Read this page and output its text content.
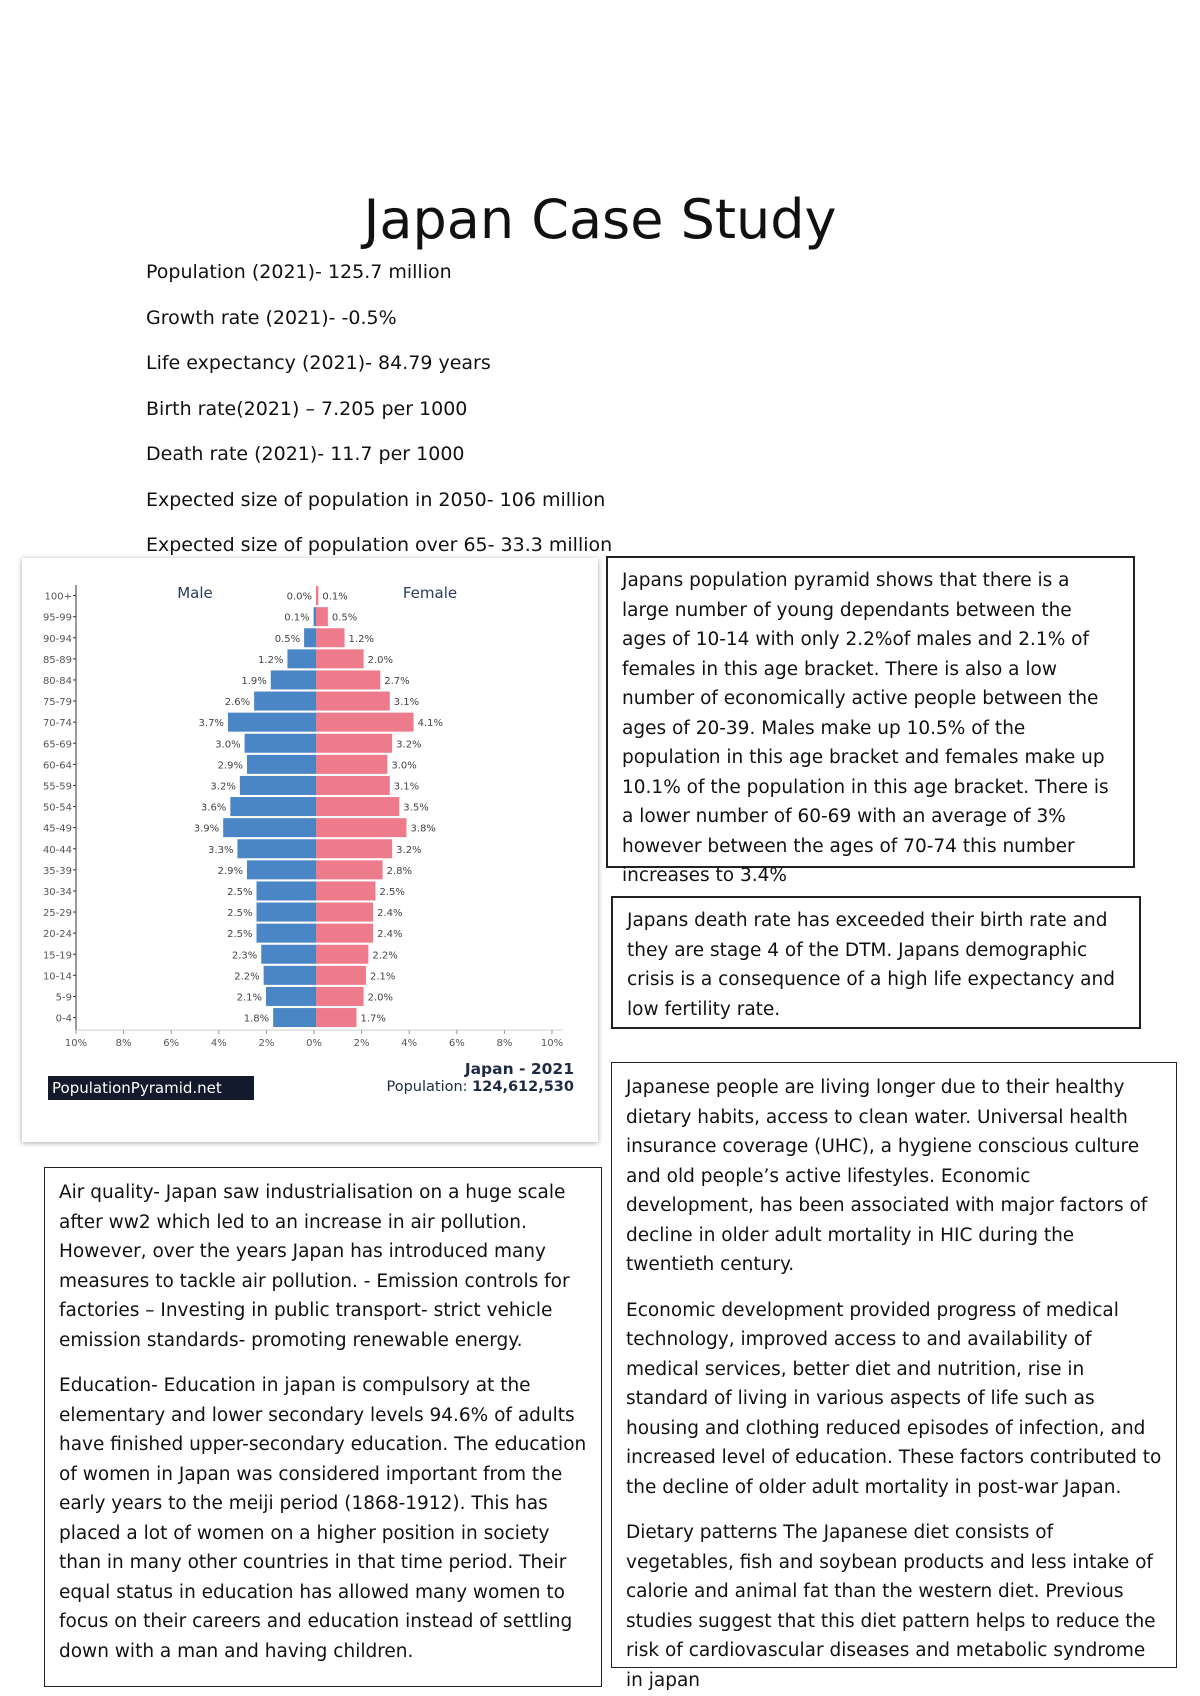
Japan Case Study
Population (2021)- 125.7 million
Growth rate (2021)- -0.5%
Life expectancy (2021)- 84.79 years
Birth rate(2021) – 7.205 per 1000
Death rate (2021)- 11.7 per 1000
Expected size of population in 2050- 106 million
Expected size of population over 65- 33.3 million
Male	Female
100+	0.0% 0.1%
95-99	0.1% 0.5%
90-94	0.5%	1.2%
85-89	1.2%	2.0%
80-84	1.9%	2.7%
75-79	2.6%	3.1%
70-74	3.7%	4.1%
65-69	3.0%	3.2%
60-64	2.9%	3.0%
55-59	3.2%	3.1%
50-54	3.6%	3.5%
45-49	3.9%	3.8%
40-44	3.3%	3.2%
35-39	2.9%	2.8%
30-34	2.5%	2.5%
25-29	2.5%	2.4%
20-24	2.5%	2.4%
15-19	2.3%	2.2%
10-14	2.2%	2.1%
5-9	2.1%	2.0%
0-4	1.8%	1.7%
10%	8%	6%	4%	2%	0%	2%	4%	6%	8%	10%
PopulationPyramid.net
Japan - 2021
Population: 124,612,530

Japans population pyramid shows that there is a large number of young dependants between the ages of 10-14 with only 2.2%of males and 2.1% of females in this age bracket. There is also a low number of economically active people between the ages of 20-39. Males make up 10.5% of the population in this age bracket and females make up 10.1% of the population in this age bracket. There is a lower number of 60-69 with an average of 3% however between the ages of 70-74 this number increases to 3.4%

Japans death rate has exceeded their birth rate and they are stage 4 of the DTM. Japans demographic crisis is a consequence of a high life expectancy and low fertility rate.

Japanese people are living longer due to their healthy dietary habits, access to clean water. Universal health insurance coverage (UHC), a hygiene conscious culture and old people’s active lifestyles. Economic development, has been associated with major factors of decline in older adult mortality in HIC during the twentieth century.

Economic development provided progress of medical technology, improved access to and availability of medical services, better diet and nutrition, rise in standard of living in various aspects of life such as housing and clothing reduced episodes of infection, and increased level of education. These factors contributed to the decline of older adult mortality in post-war Japan.

Dietary patterns The Japanese diet consists of vegetables, fish and soybean products and less intake of calorie and animal fat than the western diet. Previous studies suggest that this diet pattern helps to reduce the risk of cardiovascular diseases and metabolic syndrome in japan

Air quality- Japan saw industrialisation on a huge scale after ww2 which led to an increase in air pollution. However, over the years Japan has introduced many measures to tackle air pollution. - Emission controls for factories – Investing in public transport- strict vehicle emission standards- promoting renewable energy.

Education- Education in japan is compulsory at the elementary and lower secondary levels 94.6% of adults have finished upper-secondary education. The education of women in Japan was considered important from the early years to the meiji period (1868-1912). This has placed a lot of women on a higher position in society than in many other countries in that time period. Their equal status in education has allowed many women to focus on their careers and education instead of settling down with a man and having children.
